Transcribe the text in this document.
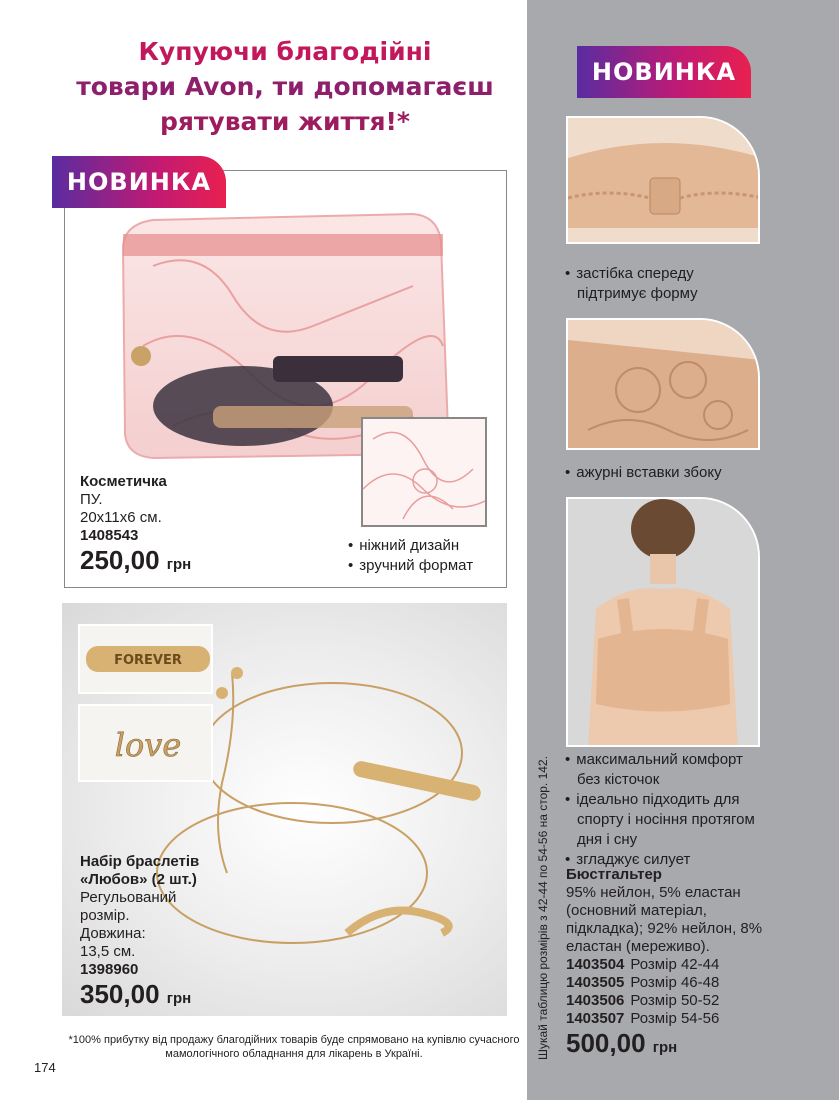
Купуючи благодійні
товари Avon, ти допомагаєш
рятувати життя!*
НОВИНКА
Косметичка
ПУ.
20x11x6 см.
1408543
250,00 грн
• ніжний дизайн
• зручний формат
FOREVER
love
Набір браслетів
«Любов» (2 шт.)
Регульований
розмір.
Довжина:
13,5 см.
1398960
350,00 грн
*100% прибутку від продажу благодійних товарів буде спрямовано на купівлю сучасного мамологічного обладнання для лікарень в Україні.
174
НОВИНКА
• застібка спереду підтримує форму
• ажурні вставки збоку
• максимальний комфорт без кісточок
• ідеально підходить для спорту і носіння протягом дня і сну
• згладжує силует
Бюстгальтер
95% нейлон, 5% еластан (основний матеріал, підкладка); 92% нейлон, 8% еластан (мереживо).
1403504 Розмір 42-44
1403505 Розмір 46-48
1403506 Розмір 50-52
1403507 Розмір 54-56
500,00 грн
Шукай таблицю розмірів з 42-44 по 54-56 на стор. 142.
